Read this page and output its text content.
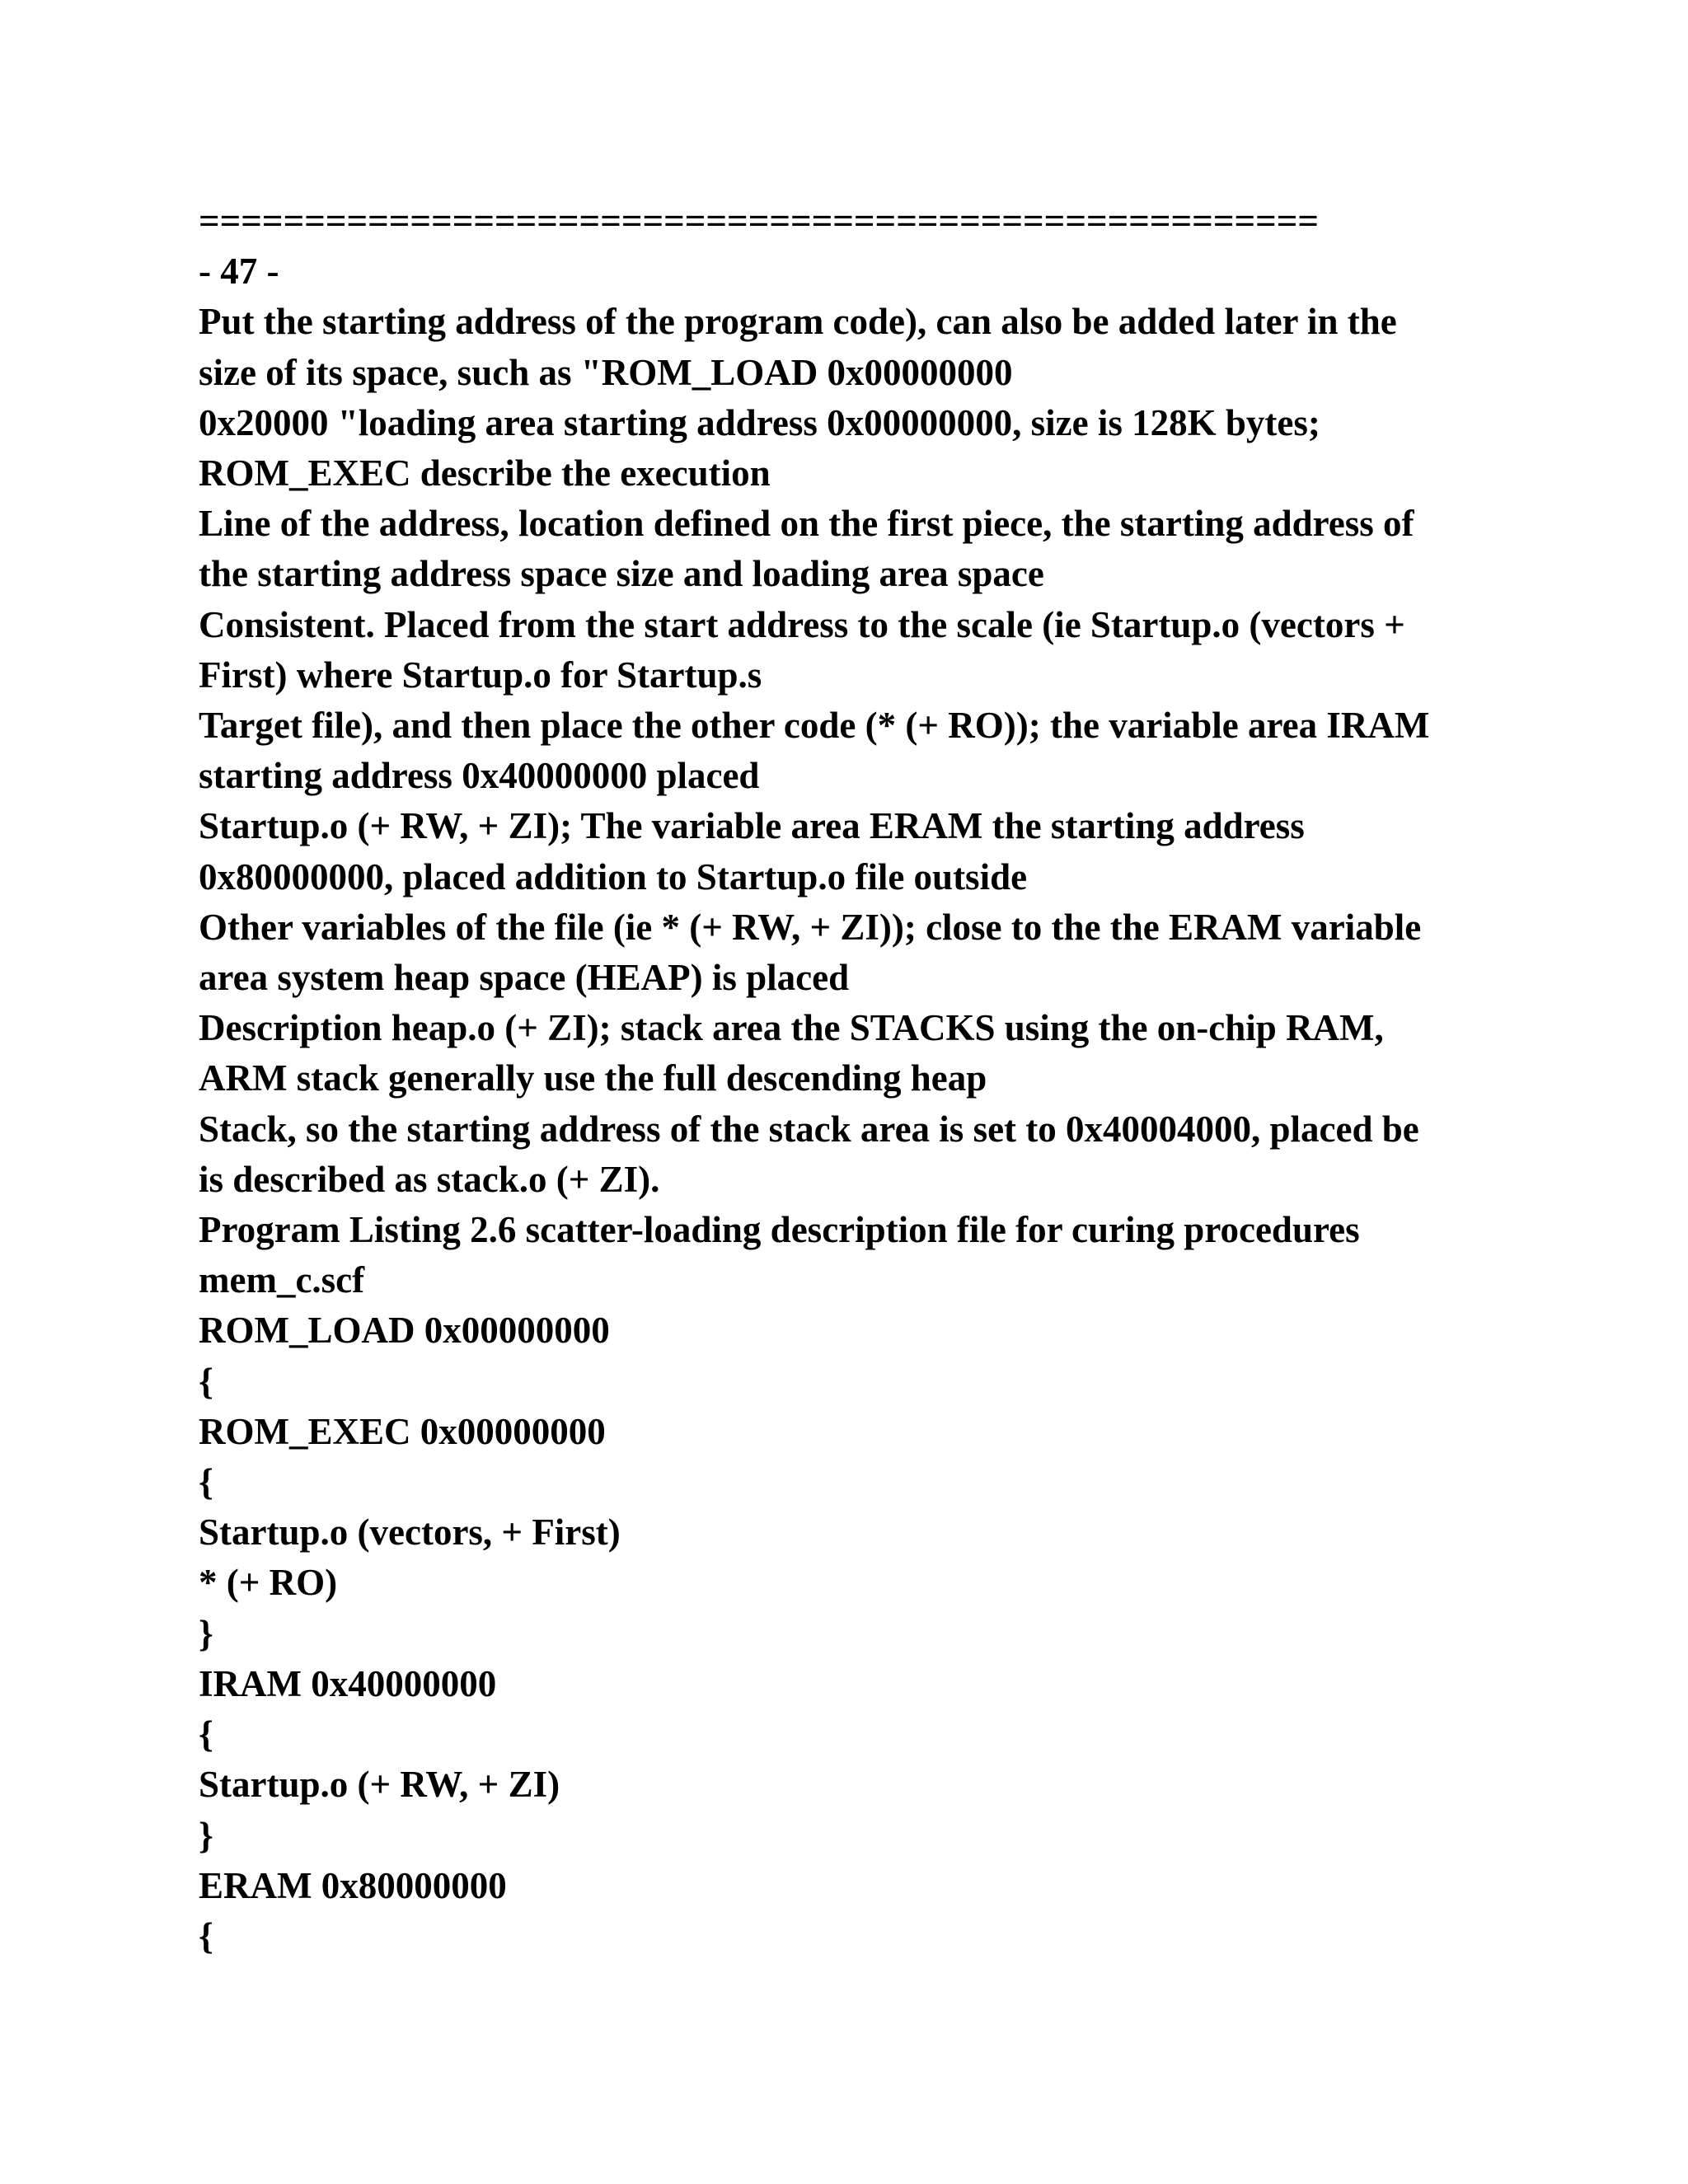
=====================================================
- 47 -
Put the starting address of the program code), can also be added later in the
size of its space, such as "ROM_LOAD 0x00000000
0x20000 "loading area starting address 0x00000000, size is 128K bytes;
ROM_EXEC describe the execution
Line of the address, location defined on the first piece, the starting address of
the starting address space size and loading area space
Consistent. Placed from the start address to the scale (ie Startup.o (vectors +
First) where Startup.o for Startup.s
Target file), and then place the other code (* (+ RO)); the variable area IRAM
starting address 0x40000000 placed
Startup.o (+ RW, + ZI); The variable area ERAM the starting address
0x80000000, placed addition to Startup.o file outside
Other variables of the file (ie * (+ RW, + ZI)); close to the the ERAM variable
area system heap space (HEAP) is placed
Description heap.o (+ ZI); stack area the STACKS using the on-chip RAM,
ARM stack generally use the full descending heap
Stack, so the starting address of the stack area is set to 0x40004000, placed be
is described as stack.o (+ ZI).
Program Listing 2.6 scatter-loading description file for curing procedures
mem_c.scf
ROM_LOAD 0x00000000
{
ROM_EXEC 0x00000000
{
Startup.o (vectors, + First)
* (+ RO)
}
IRAM 0x40000000
{
Startup.o (+ RW, + ZI)
}
ERAM 0x80000000
{
